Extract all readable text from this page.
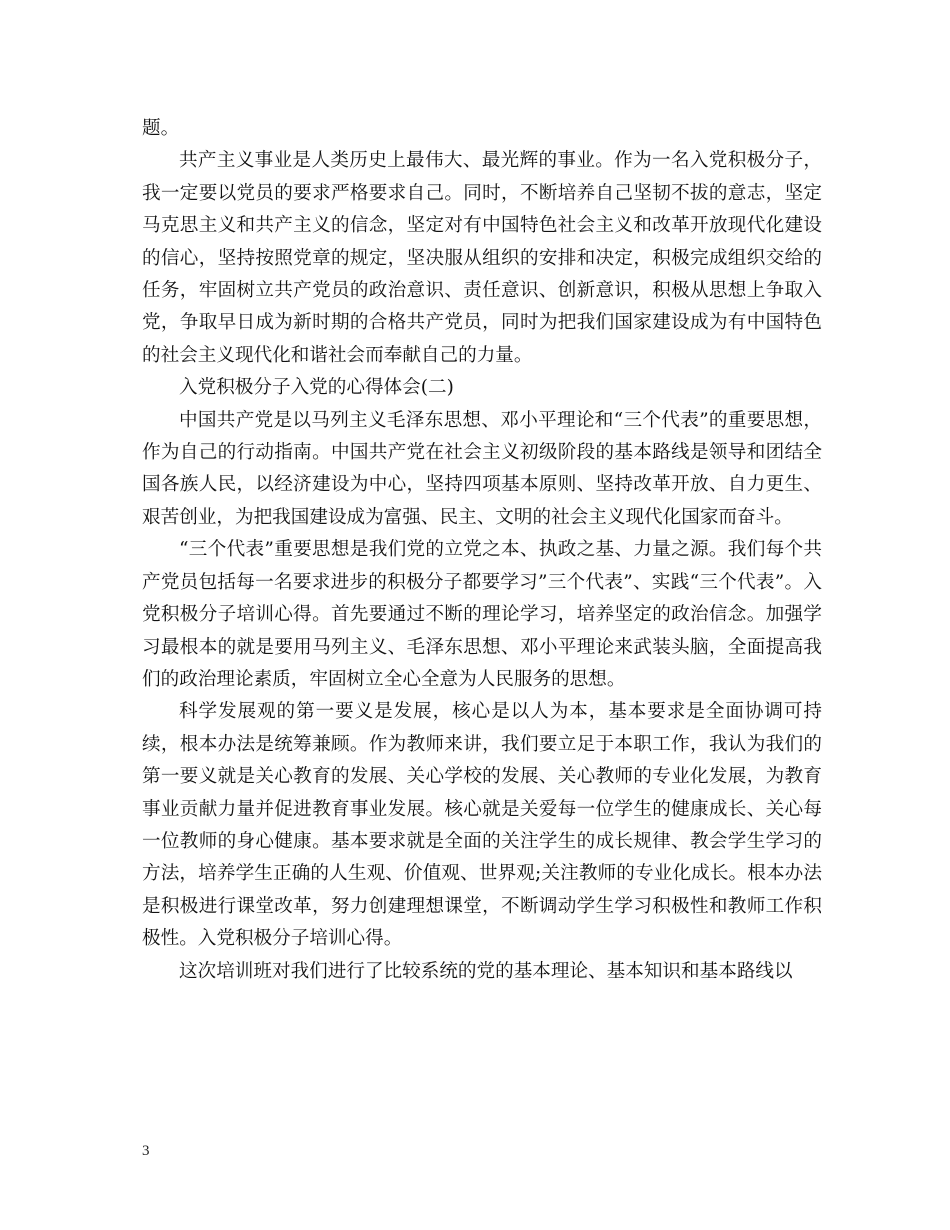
题。

共产主义事业是人类历史上最伟大、最光辉的事业。作为一名入党积极分子，我一定要以党员的要求严格要求自己。同时，不断培养自己坚韧不拔的意志，坚定马克思主义和共产主义的信念，坚定对有中国特色社会主义和改革开放现代化建设的信心，坚持按照党章的规定，坚决服从组织的安排和决定，积极完成组织交给的任务，牢固树立共产党员的政治意识、责任意识、创新意识，积极从思想上争取入党，争取早日成为新时期的合格共产党员，同时为把我们国家建设成为有中国特色的社会主义现代化和谐社会而奉献自己的力量。

入党积极分子入党的心得体会(二)

中国共产党是以马列主义毛泽东思想、邓小平理论和“三个代表”的重要思想，作为自己的行动指南。中国共产党在社会主义初级阶段的基本路线是领导和团结全国各族人民，以经济建设为中心，坚持四项基本原则、坚持改革开放、自力更生、艰苦创业，为把我国建设成为富强、民主、文明的社会主义现代化国家而奋斗。

“三个代表”重要思想是我们党的立党之本、执政之基、力量之源。我们每个共产党员包括每一名要求进步的积极分子都要学习”三个代表”、实践“三个代表”。入党积极分子培训心得。首先要通过不断的理论学习，培养坚定的政治信念。加强学习最根本的就是要用马列主义、毛泽东思想、邓小平理论来武装头脑，全面提高我们的政治理论素质，牢固树立全心全意为人民服务的思想。

科学发展观的第一要义是发展，核心是以人为本，基本要求是全面协调可持续，根本办法是统筹兼顾。作为教师来讲，我们要立足于本职工作，我认为我们的第一要义就是关心教育的发展、关心学校的发展、关心教师的专业化发展，为教育事业贡献力量并促进教育事业发展。核心就是关爱每一位学生的健康成长、关心每一位教师的身心健康。基本要求就是全面的关注学生的成长规律、教会学生学习的方法，培养学生正确的人生观、价值观、世界观;关注教师的专业化成长。根本办法是积极进行课堂改革，努力创建理想课堂，不断调动学生学习积极性和教师工作积极性。入党积极分子培训心得。

这次培训班对我们进行了比较系统的党的基本理论、基本知识和基本路线以

3
